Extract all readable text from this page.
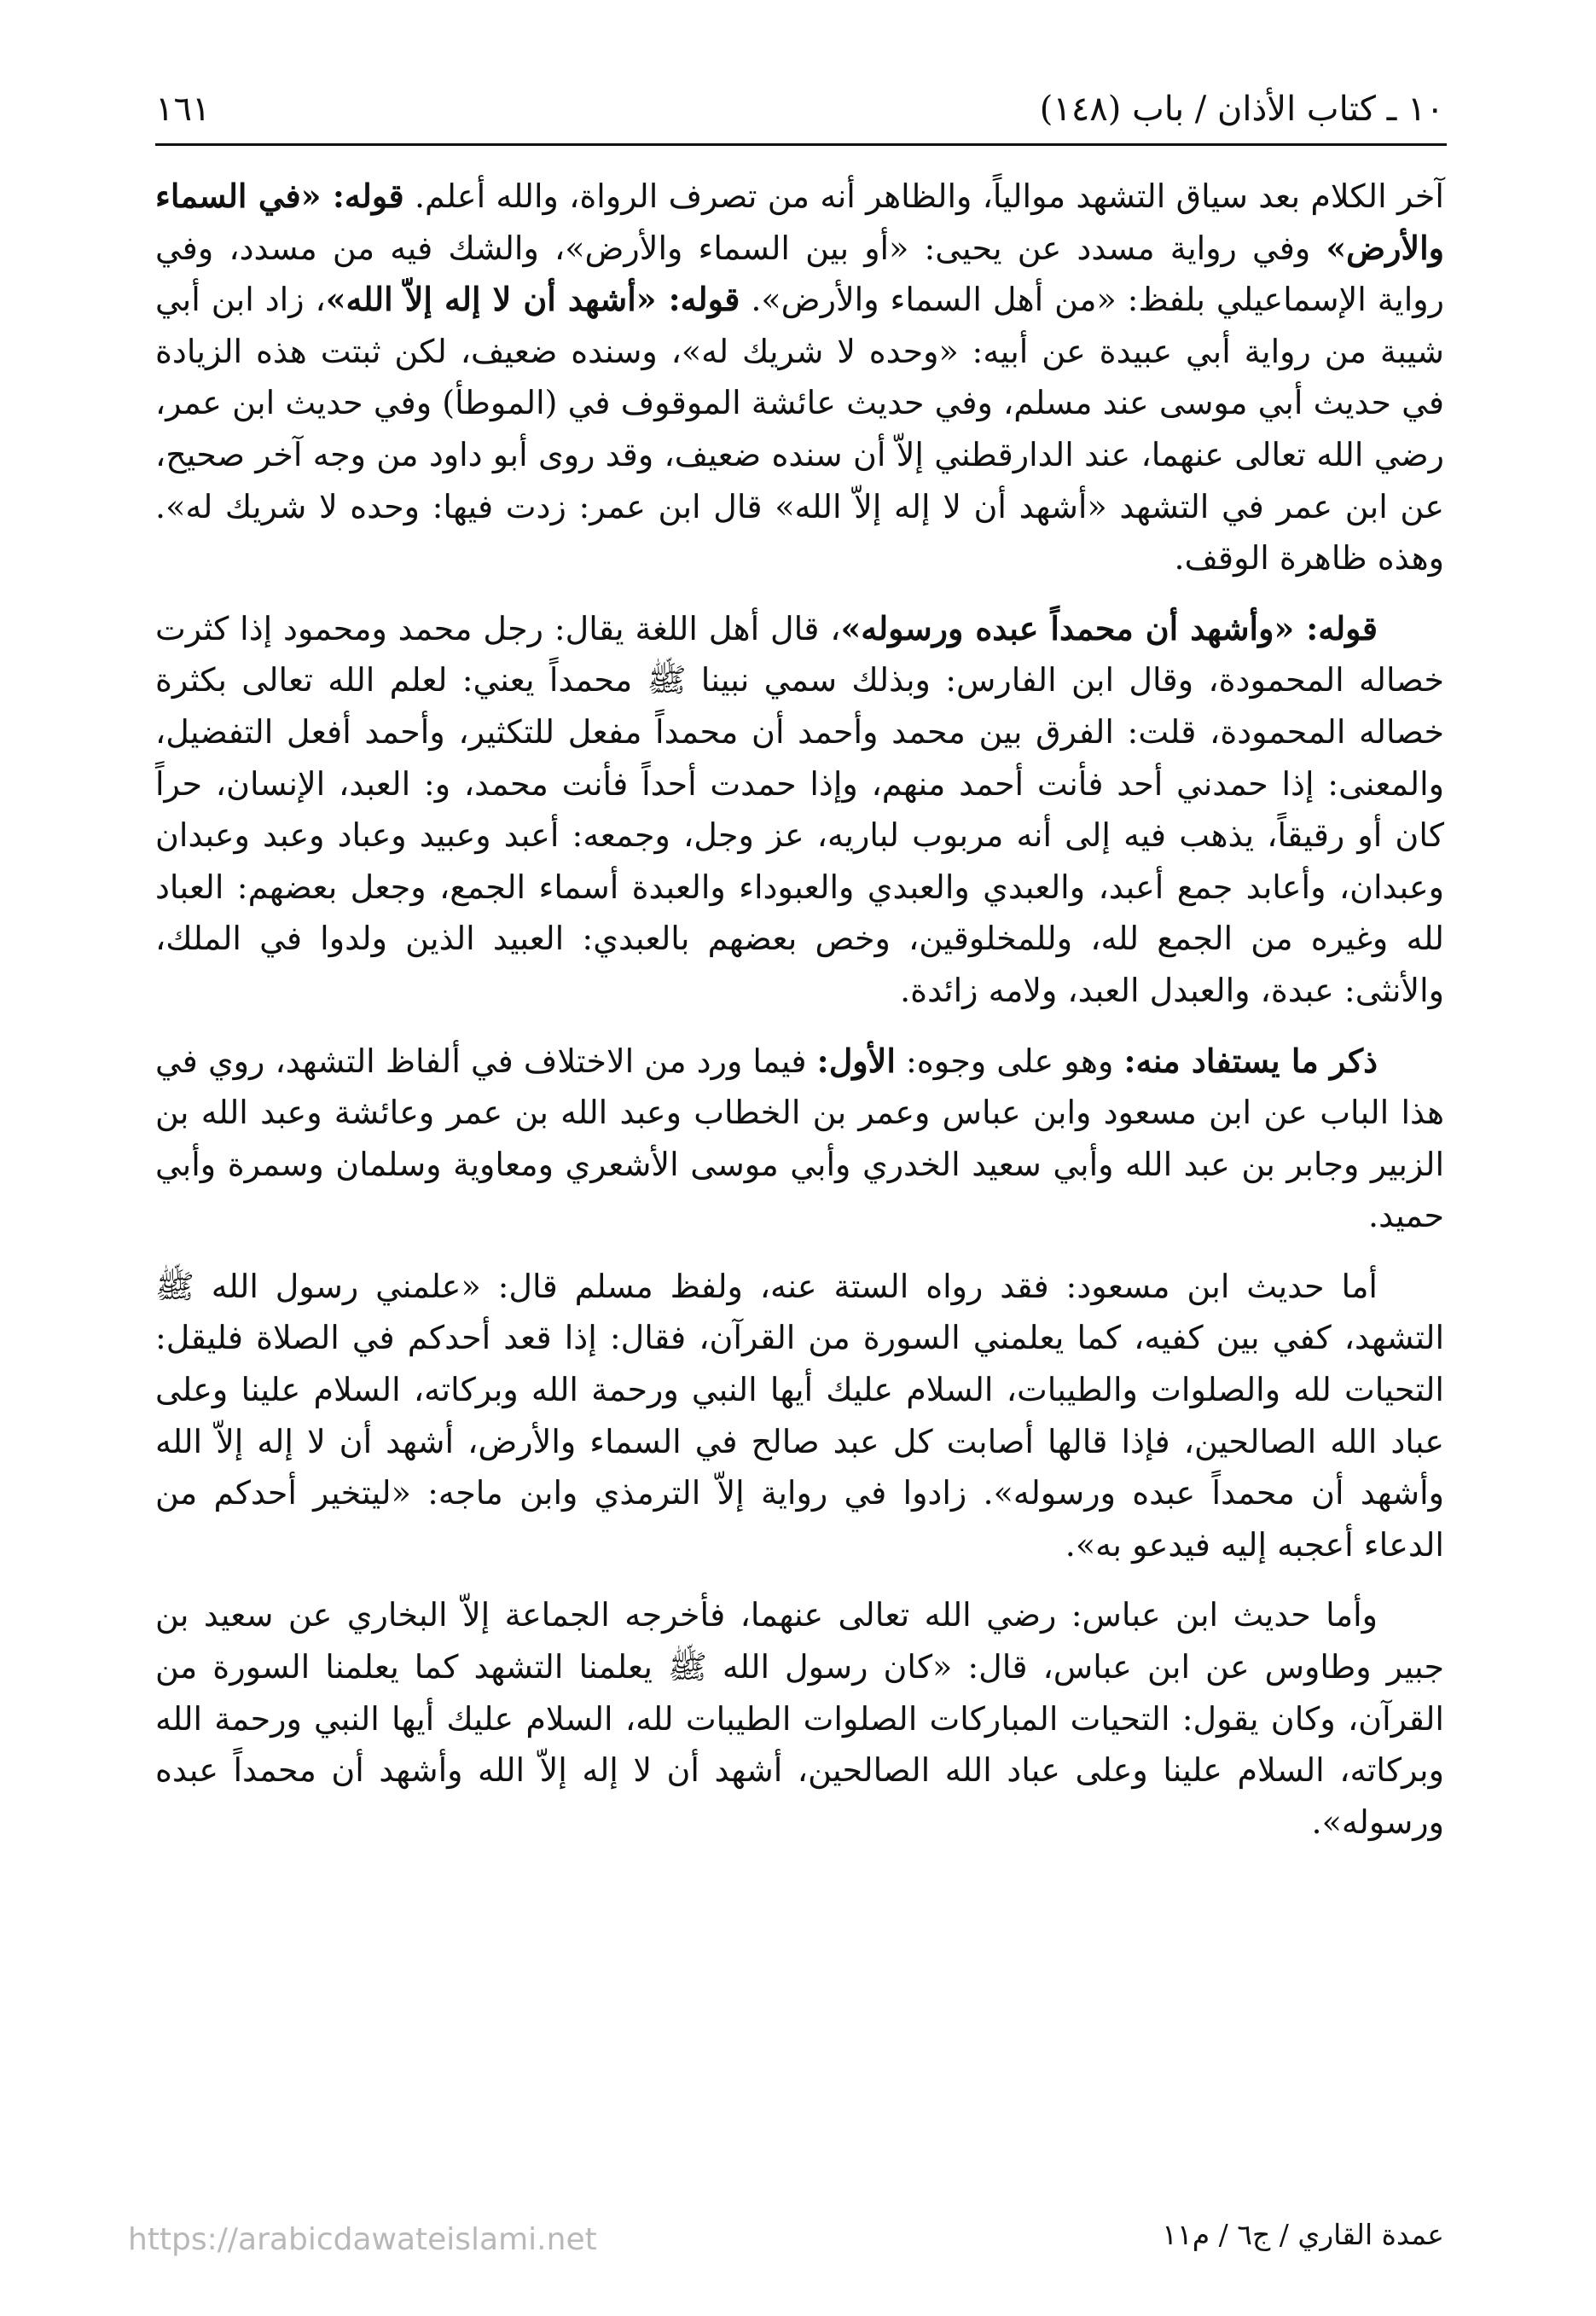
١٠ ـ كتاب الأذان / باب (١٤٨)
١٦١

آخر الكلام بعد سياق التشهد موالياً، والظاهر أنه من تصرف الرواة، والله أعلم. قوله: «في السماء والأرض» وفي رواية مسدد عن يحيى: «أو بين السماء والأرض»، والشك فيه من مسدد، وفي رواية الإسماعيلي بلفظ: «من أهل السماء والأرض». قوله: «أشهد أن لا إله إلاّ الله»، زاد ابن أبي شيبة من رواية أبي عبيدة عن أبيه: «وحده لا شريك له»، وسنده ضعيف، لكن ثبتت هذه الزيادة في حديث أبي موسى عند مسلم، وفي حديث عائشة الموقوف في (الموطأ) وفي حديث ابن عمر، رضي الله تعالى عنهما، عند الدارقطني إلاّ أن سنده ضعيف، وقد روى أبو داود من وجه آخر صحيح، عن ابن عمر في التشهد «أشهد أن لا إله إلاّ الله» قال ابن عمر: زدت فيها: وحده لا شريك له». وهذه ظاهرة الوقف.

قوله: «وأشهد أن محمداً عبده ورسوله»، قال أهل اللغة يقال: رجل محمد ومحمود إذا كثرت خصاله المحمودة، وقال ابن الفارس: وبذلك سمي نبينا ﷺ محمداً يعني: لعلم الله تعالى بكثرة خصاله المحمودة، قلت: الفرق بين محمد وأحمد أن محمداً مفعل للتكثير، وأحمد أفعل التفضيل، والمعنى: إذا حمدني أحد فأنت أحمد منهم، وإذا حمدت أحداً فأنت محمد، و: العبد، الإنسان، حراً كان أو رقيقاً، يذهب فيه إلى أنه مربوب لباريه، عز وجل، وجمعه: أعبد وعبيد وعباد وعبد وعبدان وعبدان، وأعابد جمع أعبد، والعبدي والعبدي والعبوداء والعبدة أسماء الجمع، وجعل بعضهم: العباد لله وغيره من الجمع لله، وللمخلوقين، وخص بعضهم بالعبدي: العبيد الذين ولدوا في الملك، والأنثى: عبدة، والعبدل العبد، ولامه زائدة.

ذكر ما يستفاد منه: وهو على وجوه: الأول: فيما ورد من الاختلاف في ألفاظ التشهد، روي في هذا الباب عن ابن مسعود وابن عباس وعمر بن الخطاب وعبد الله بن عمر وعائشة وعبد الله بن الزبير وجابر بن عبد الله وأبي سعيد الخدري وأبي موسى الأشعري ومعاوية وسلمان وسمرة وأبي حميد.

أما حديث ابن مسعود: فقد رواه الستة عنه، ولفظ مسلم قال: «علمني رسول الله ﷺ التشهد، كفي بين كفيه، كما يعلمني السورة من القرآن، فقال: إذا قعد أحدكم في الصلاة فليقل: التحيات لله والصلوات والطيبات، السلام عليك أيها النبي ورحمة الله وبركاته، السلام علينا وعلى عباد الله الصالحين، فإذا قالها أصابت كل عبد صالح في السماء والأرض، أشهد أن لا إله إلاّ الله وأشهد أن محمداً عبده ورسوله». زادوا في رواية إلاّ الترمذي وابن ماجه: «ليتخير أحدكم من الدعاء أعجبه إليه فيدعو به».

وأما حديث ابن عباس: رضي الله تعالى عنهما، فأخرجه الجماعة إلاّ البخاري عن سعيد بن جبير وطاوس عن ابن عباس، قال: «كان رسول الله ﷺ يعلمنا التشهد كما يعلمنا السورة من القرآن، وكان يقول: التحيات المباركات الصلوات الطيبات لله، السلام عليك أيها النبي ورحمة الله وبركاته، السلام علينا وعلى عباد الله الصالحين، أشهد أن لا إله إلاّ الله وأشهد أن محمداً عبده ورسوله».

https://arabicdawateislami.net	عمدة القاري / ج٦ / م١١
